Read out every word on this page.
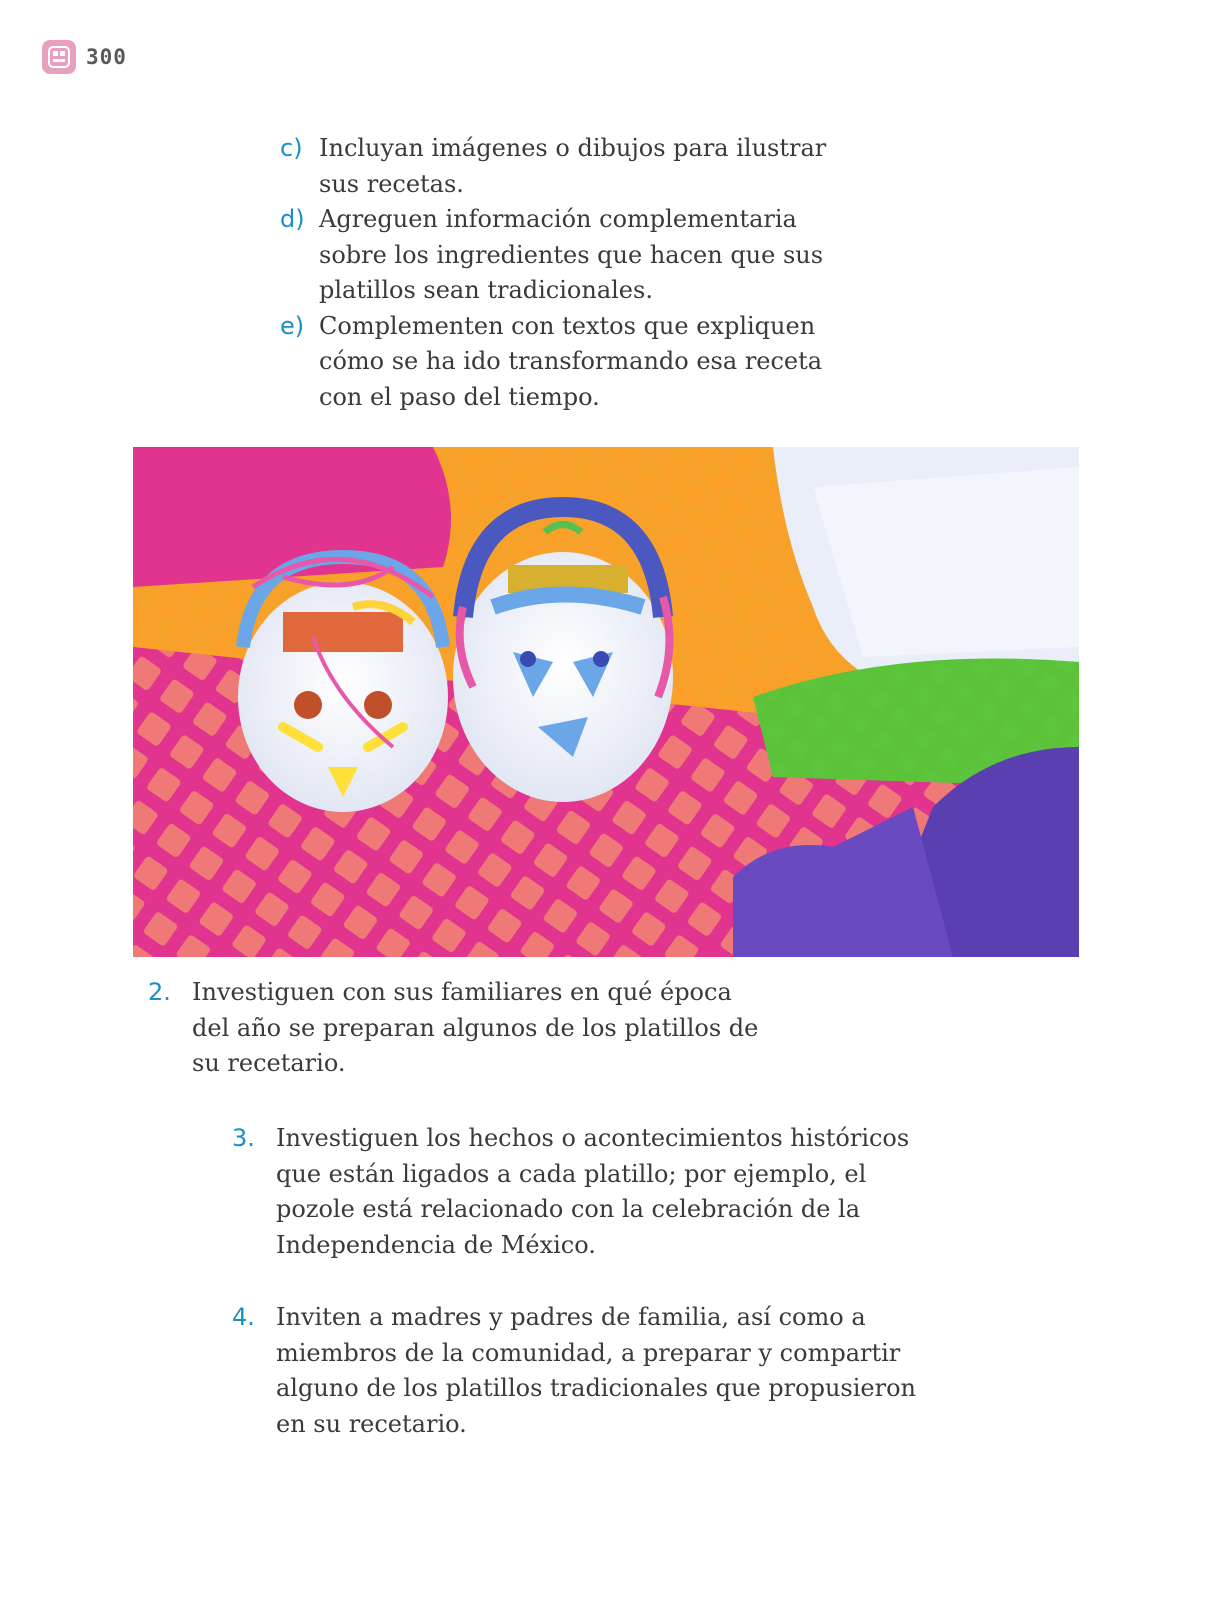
300
c) Incluyan imágenes o dibujos para ilustrar
sus recetas.
d) Agreguen información complementaria
sobre los ingredientes que hacen que sus
platillos sean tradicionales.
e) Complementen con textos que expliquen
cómo se ha ido transformando esa receta
con el paso del tiempo.
2. Investiguen con sus familiares en qué época
del año se preparan algunos de los platillos de
su recetario.
3. Investiguen los hechos o acontecimientos históricos
que están ligados a cada platillo; por ejemplo, el
pozole está relacionado con la celebración de la
Independencia de México.
4. Inviten a madres y padres de familia, así como a
miembros de la comunidad, a preparar y compartir
alguno de los platillos tradicionales que propusieron
en su recetario.
